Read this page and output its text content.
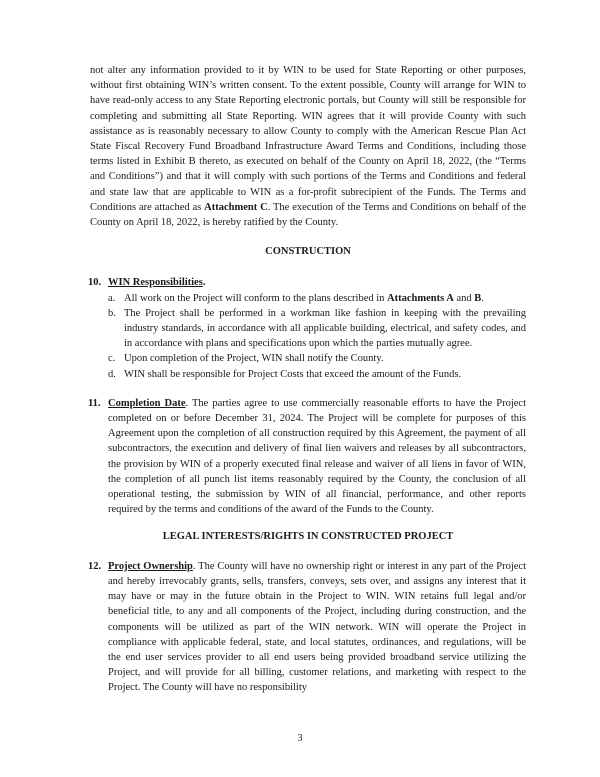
not alter any information provided to it by WIN to be used for State Reporting or other purposes, without first obtaining WIN’s written consent. To the extent possible, County will arrange for WIN to have read-only access to any State Reporting electronic portals, but County will still be responsible for completing and submitting all State Reporting. WIN agrees that it will provide County with such assistance as is reasonably necessary to allow County to comply with the American Rescue Plan Act State Fiscal Recovery Fund Broadband Infrastructure Award Terms and Conditions, including those terms listed in Exhibit B thereto, as executed on behalf of the County on April 18, 2022, (the “Terms and Conditions”) and that it will comply with such portions of the Terms and Conditions and federal and state law that are applicable to WIN as a for-profit subrecipient of the Funds. The Terms and Conditions are attached as Attachment C. The execution of the Terms and Conditions on behalf of the County on April 18, 2022, is hereby ratified by the County.

CONSTRUCTION

10. WIN Responsibilities.

a. All work on the Project will conform to the plans described in Attachments A and B.

b. The Project shall be performed in a workman like fashion in keeping with the prevailing industry standards, in accordance with all applicable building, electrical, and safety codes, and in accordance with plans and specifications upon which the parties mutually agree.

c. Upon completion of the Project, WIN shall notify the County.

d. WIN shall be responsible for Project Costs that exceed the amount of the Funds.

11. Completion Date. The parties agree to use commercially reasonable efforts to have the Project completed on or before December 31, 2024. The Project will be complete for purposes of this Agreement upon the completion of all construction required by this Agreement, the payment of all subcontractors, the execution and delivery of final lien waivers and releases by all subcontractors, the provision by WIN of a properly executed final release and waiver of all liens in favor of WIN, the completion of all punch list items reasonably required by the County, the conclusion of all operational testing, the submission by WIN of all financial, performance, and other reports required by the terms and conditions of the award of the Funds to the County.

LEGAL INTERESTS/RIGHTS IN CONSTRUCTED PROJECT

12. Project Ownership. The County will have no ownership right or interest in any part of the Project and hereby irrevocably grants, sells, transfers, conveys, sets over, and assigns any interest that it may have or may in the future obtain in the Project to WIN. WIN retains full legal and/or beneficial title, to any and all components of the Project, including during construction, and the components will be utilized as part of the WIN network. WIN will operate the Project in compliance with applicable federal, state, and local statutes, ordinances, and regulations, will be the end user services provider to all end users being provided broadband service utilizing the Project, and will provide for all billing, customer relations, and marketing with respect to the Project. The County will have no responsibility

3
